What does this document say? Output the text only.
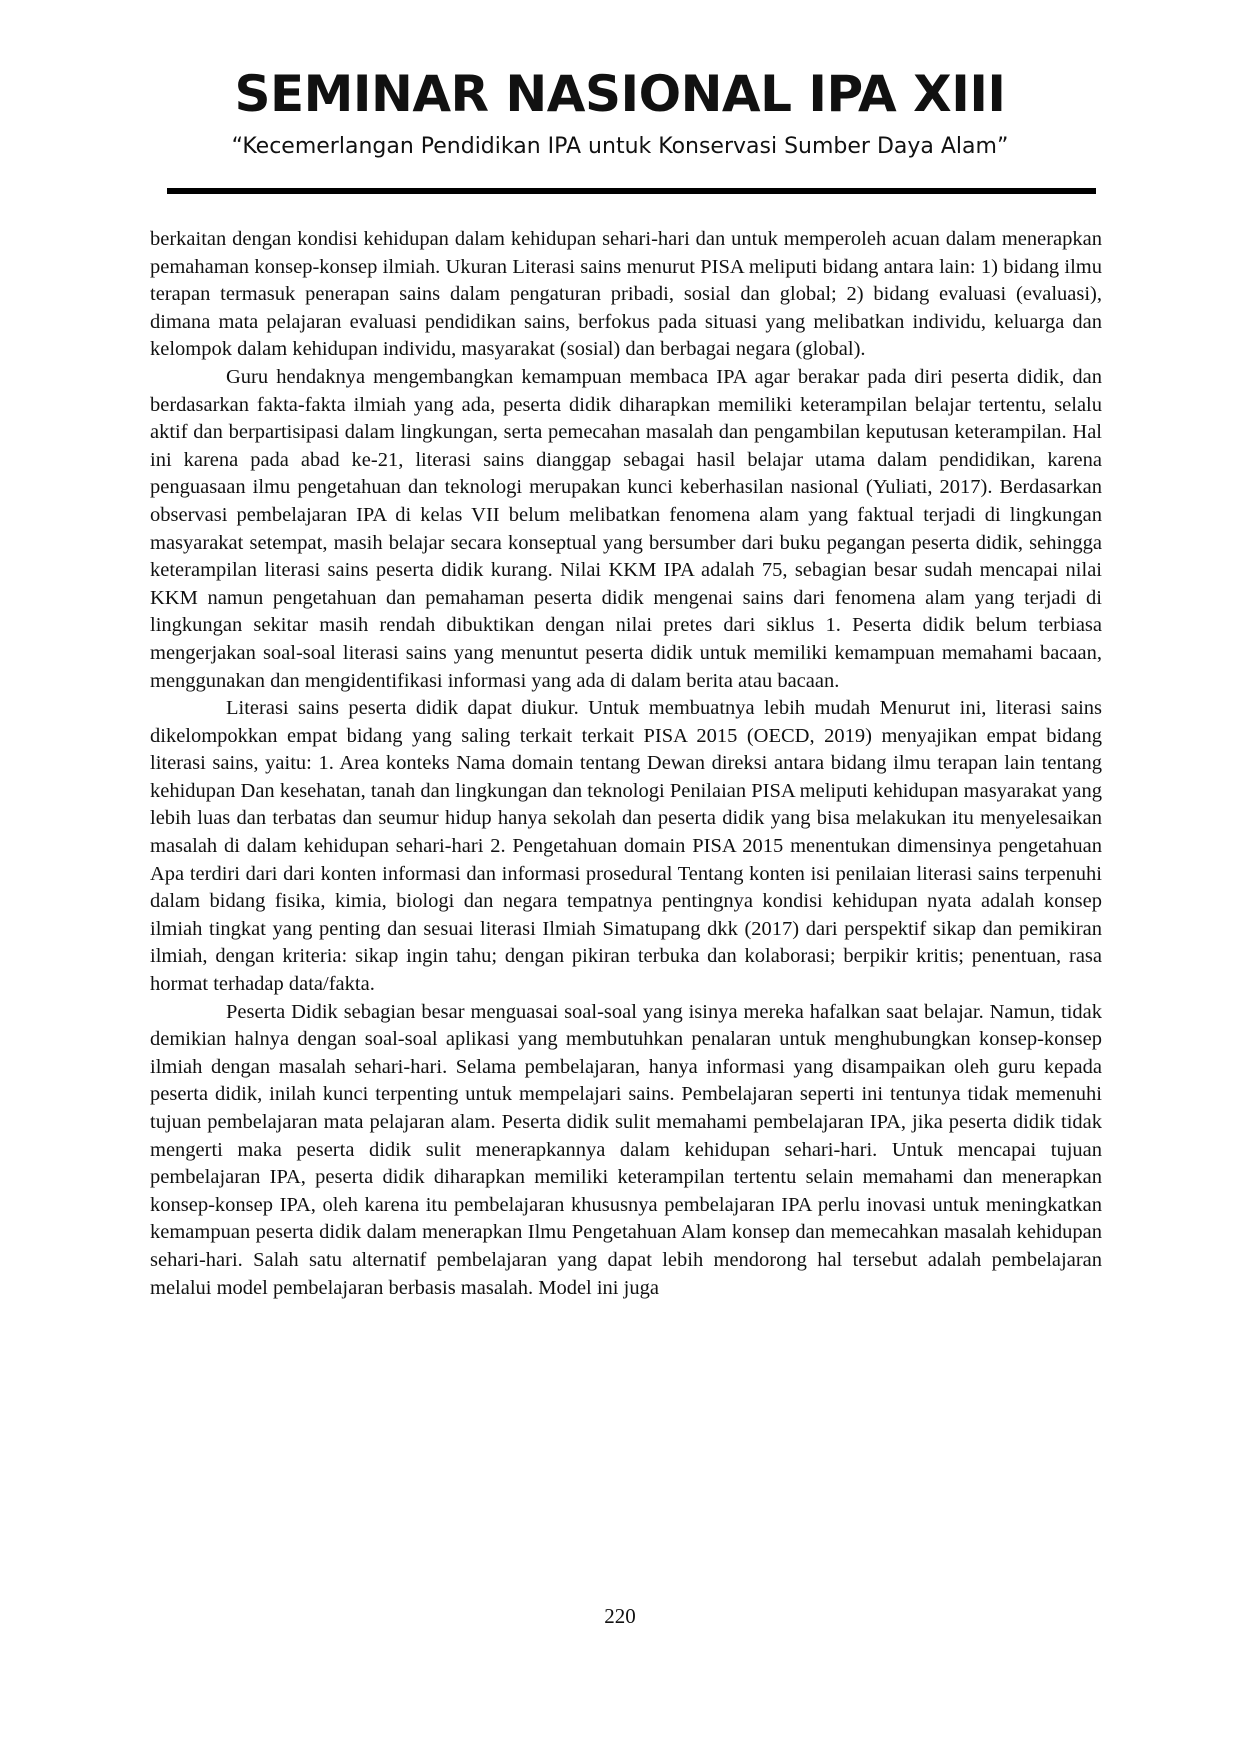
SEMINAR NASIONAL IPA XIII
“Kecemerlangan Pendidikan IPA untuk Konservasi Sumber Daya Alam”

berkaitan dengan kondisi kehidupan dalam kehidupan sehari-hari dan untuk memperoleh acuan dalam menerapkan pemahaman konsep-konsep ilmiah. Ukuran Literasi sains menurut PISA meliputi bidang antara lain: 1) bidang ilmu terapan termasuk penerapan sains dalam pengaturan pribadi, sosial dan global; 2) bidang evaluasi (evaluasi), dimana mata pelajaran evaluasi pendidikan sains, berfokus pada situasi yang melibatkan individu, keluarga dan kelompok dalam kehidupan individu, masyarakat (sosial) dan berbagai negara (global).

Guru hendaknya mengembangkan kemampuan membaca IPA agar berakar pada diri peserta didik, dan berdasarkan fakta-fakta ilmiah yang ada, peserta didik diharapkan memiliki keterampilan belajar tertentu, selalu aktif dan berpartisipasi dalam lingkungan, serta pemecahan masalah dan pengambilan keputusan keterampilan. Hal ini karena pada abad ke-21, literasi sains dianggap sebagai hasil belajar utama dalam pendidikan, karena penguasaan ilmu pengetahuan dan teknologi merupakan kunci keberhasilan nasional (Yuliati, 2017). Berdasarkan observasi pembelajaran IPA di kelas VII belum melibatkan fenomena alam yang faktual terjadi di lingkungan masyarakat setempat, masih belajar secara konseptual yang bersumber dari buku pegangan peserta didik, sehingga keterampilan literasi sains peserta didik kurang. Nilai KKM IPA adalah 75, sebagian besar sudah mencapai nilai KKM namun pengetahuan dan pemahaman peserta didik mengenai sains dari fenomena alam yang terjadi di lingkungan sekitar masih rendah dibuktikan dengan nilai pretes dari siklus 1. Peserta didik belum terbiasa mengerjakan soal-soal literasi sains yang menuntut peserta didik untuk memiliki kemampuan memahami bacaan, menggunakan dan mengidentifikasi informasi yang ada di dalam berita atau bacaan.

Literasi sains peserta didik dapat diukur. Untuk membuatnya lebih mudah Menurut ini, literasi sains dikelompokkan empat bidang yang saling terkait terkait PISA 2015 (OECD, 2019) menyajikan empat bidang literasi sains, yaitu: 1. Area konteks Nama domain tentang Dewan direksi antara bidang ilmu terapan lain tentang kehidupan Dan kesehatan, tanah dan lingkungan dan teknologi Penilaian PISA meliputi kehidupan masyarakat yang lebih luas dan terbatas dan seumur hidup hanya sekolah dan peserta didik yang bisa melakukan itu menyelesaikan masalah di dalam kehidupan sehari-hari 2. Pengetahuan domain PISA 2015 menentukan dimensinya pengetahuan Apa terdiri dari dari konten informasi dan informasi prosedural Tentang konten isi penilaian literasi sains terpenuhi dalam bidang fisika, kimia, biologi dan negara tempatnya pentingnya kondisi kehidupan nyata adalah konsep ilmiah tingkat yang penting dan sesuai literasi Ilmiah Simatupang dkk (2017) dari perspektif sikap dan pemikiran ilmiah, dengan kriteria: sikap ingin tahu; dengan pikiran terbuka dan kolaborasi; berpikir kritis; penentuan, rasa hormat terhadap data/fakta.

Peserta Didik sebagian besar menguasai soal-soal yang isinya mereka hafalkan saat belajar. Namun, tidak demikian halnya dengan soal-soal aplikasi yang membutuhkan penalaran untuk menghubungkan konsep-konsep ilmiah dengan masalah sehari-hari. Selama pembelajaran, hanya informasi yang disampaikan oleh guru kepada peserta didik, inilah kunci terpenting untuk mempelajari sains. Pembelajaran seperti ini tentunya tidak memenuhi tujuan pembelajaran mata pelajaran alam. Peserta didik sulit memahami pembelajaran IPA, jika peserta didik tidak mengerti maka peserta didik sulit menerapkannya dalam kehidupan sehari-hari. Untuk mencapai tujuan pembelajaran IPA, peserta didik diharapkan memiliki keterampilan tertentu selain memahami dan menerapkan konsep-konsep IPA, oleh karena itu pembelajaran khususnya pembelajaran IPA perlu inovasi untuk meningkatkan kemampuan peserta didik dalam menerapkan Ilmu Pengetahuan Alam konsep dan memecahkan masalah kehidupan sehari-hari. Salah satu alternatif pembelajaran yang dapat lebih mendorong hal tersebut adalah pembelajaran melalui model pembelajaran berbasis masalah. Model ini juga

220
